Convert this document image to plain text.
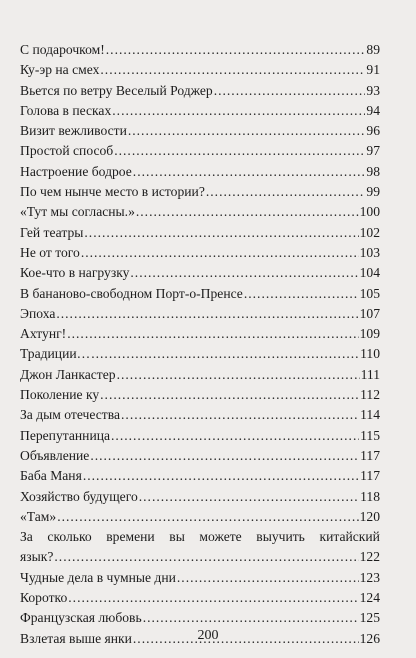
С подарочком! .....	89
Ку-эр на смех .....	91
Вьется по ветру Веселый Роджер .....	93
Голова в песках .....	94
Визит вежливости .....	96
Простой способ .....	97
Настроение бодрое .....	98
По чем нынче место в истории? .....	99
«Тут мы согласны.» .....	100
Гей театры .....	102
Не от того .....	103
Кое-что в нагрузку .....	104
В бананово-свободном Порт-о-Пренсе .....	105
Эпоха .....	107
Ахтунг! .....	109
Традиции… .....	110
Джон Ланкастер .....	111
Поколение ку .....	112
За дым отечества .....	114
Перепутанница .....	115
Объявление .....	117
Баба Маня .....	117
Хозяйство будущего .....	118
«Там» .....	120
За сколько времени вы можете выучить китайский
язык? .....	122
Чудные дела в чумные дни .....	123
Коротко .....	124
Французская любовь .....	125
Взлетая выше янки .....	126
200
